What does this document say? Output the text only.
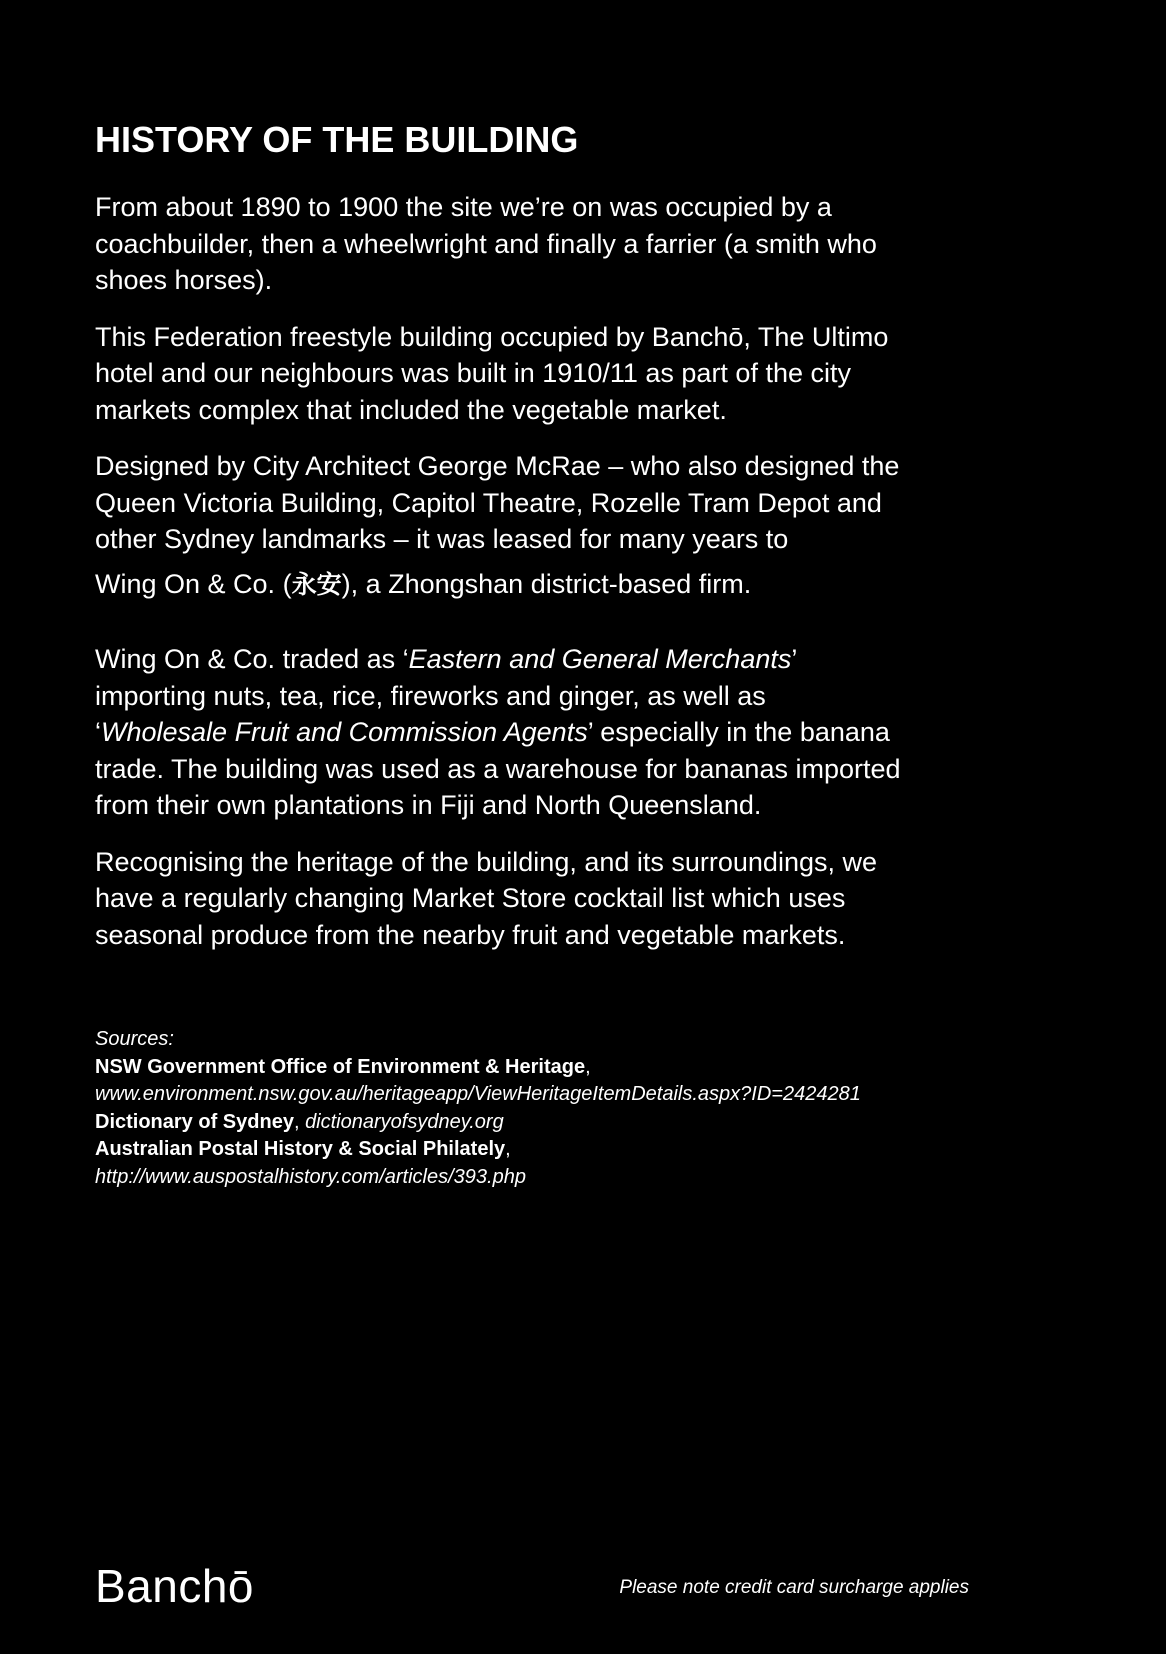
HISTORY OF THE BUILDING

From about 1890 to 1900 the site we’re on was occupied by a
coachbuilder, then a wheelwright and finally a farrier (a smith who
shoes horses).

This Federation freestyle building occupied by Banchō, The Ultimo
hotel and our neighbours was built in 1910/11 as part of the city
markets complex that included the vegetable market.

Designed by City Architect George McRae – who also designed the
Queen Victoria Building, Capitol Theatre, Rozelle Tram Depot and
other Sydney landmarks – it was leased for many years to
Wing On & Co. (永安), a Zhongshan district-based firm.

Wing On & Co. traded as ‘Eastern and General Merchants’
importing nuts, tea, rice, fireworks and ginger, as well as
‘Wholesale Fruit and Commission Agents’ especially in the banana
trade. The building was used as a warehouse for bananas imported
from their own plantations in Fiji and North Queensland.

Recognising the heritage of the building, and its surroundings, we
have a regularly changing Market Store cocktail list which uses
seasonal produce from the nearby fruit and vegetable markets.

Sources:
NSW Government Office of Environment & Heritage,
www.environment.nsw.gov.au/heritageapp/ViewHeritageItemDetails.aspx?ID=2424281
Dictionary of Sydney, dictionaryofsydney.org
Australian Postal History & Social Philately,
http://www.auspostalhistory.com/articles/393.php
Banchō	Please note credit card surcharge applies
